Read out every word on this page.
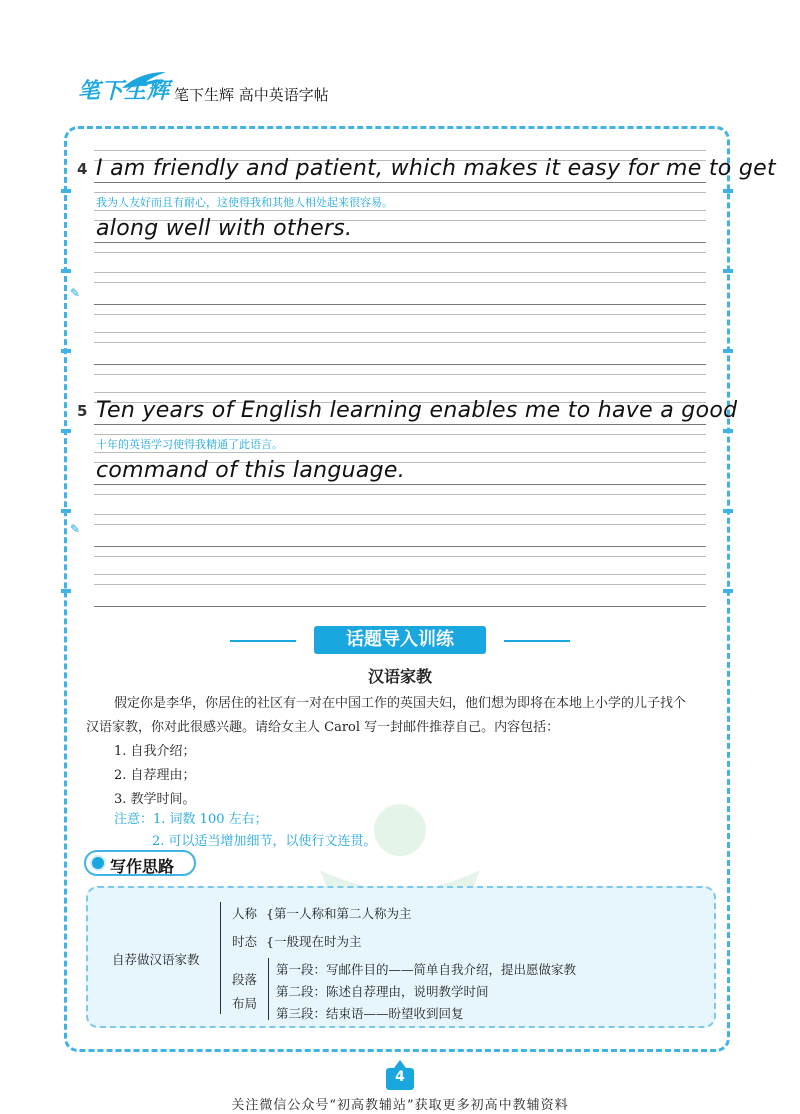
笔下生辉 笔下生辉 高中英语字帖
4 I am friendly and patient, which makes it easy for me to get
我为人友好而且有耐心，这使得我和其他人相处起来很容易。
along well with others.
✎
5 Ten years of English learning enables me to have a good
十年的英语学习使得我精通了此语言。
command of this language.
✎
话题导入训练
汉语家教
假定你是李华，你居住的社区有一对在中国工作的英国夫妇，他们想为即将在本地上小学的儿子找个
汉语家教，你对此很感兴趣。请给女主人 Carol 写一封邮件推荐自己。内容包括：
1. 自我介绍；
2. 自荐理由；
3. 教学时间。
注意：1. 词数 100 左右；
2. 可以适当增加细节，以使行文连贯。
写作思路
自荐做汉语家教
人称 {第一人称和第二人称为主
时态 {一般现在时为主
段落
布局
第一段：写邮件目的——简单自我介绍，提出愿做家教
第二段：陈述自荐理由，说明教学时间
第三段：结束语——盼望收到回复
4
关注微信公众号“初高教辅站”获取更多初高中教辅资料
